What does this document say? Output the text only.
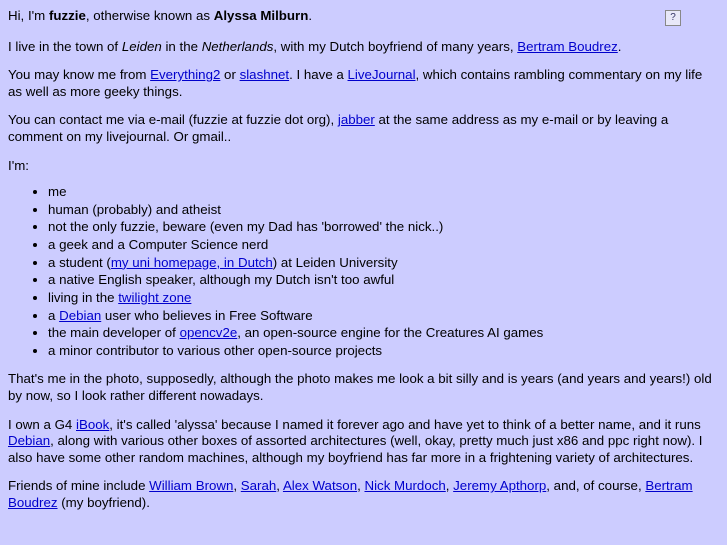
?

Hi, I'm fuzzie, otherwise known as Alyssa Milburn.

I live in the town of Leiden in the Netherlands, with my Dutch boyfriend of many years, Bertram Boudrez.

You may know me from Everything2 or slashnet. I have a LiveJournal, which contains rambling commentary on my life as well as more geeky things.

You can contact me via e-mail (fuzzie at fuzzie dot org), jabber at the same address as my e-mail or by leaving a comment on my livejournal. Or gmail..

I'm:

• me
• human (probably) and atheist
• not the only fuzzie, beware (even my Dad has 'borrowed' the nick..)
• a geek and a Computer Science nerd
• a student (my uni homepage, in Dutch) at Leiden University
• a native English speaker, although my Dutch isn't too awful
• living in the twilight zone
• a Debian user who believes in Free Software
• the main developer of opencv2e, an open-source engine for the Creatures AI games
• a minor contributor to various other open-source projects

That's me in the photo, supposedly, although the photo makes me look a bit silly and is years (and years and years!) old by now, so I look rather different nowadays.

I own a G4 iBook, it's called 'alyssa' because I named it forever ago and have yet to think of a better name, and it runs Debian, along with various other boxes of assorted architectures (well, okay, pretty much just x86 and ppc right now). I also have some other random machines, although my boyfriend has far more in a frightening variety of architectures.

Friends of mine include William Brown, Sarah, Alex Watson, Nick Murdoch, Jeremy Apthorp, and, of course, Bertram Boudrez (my boyfriend).
